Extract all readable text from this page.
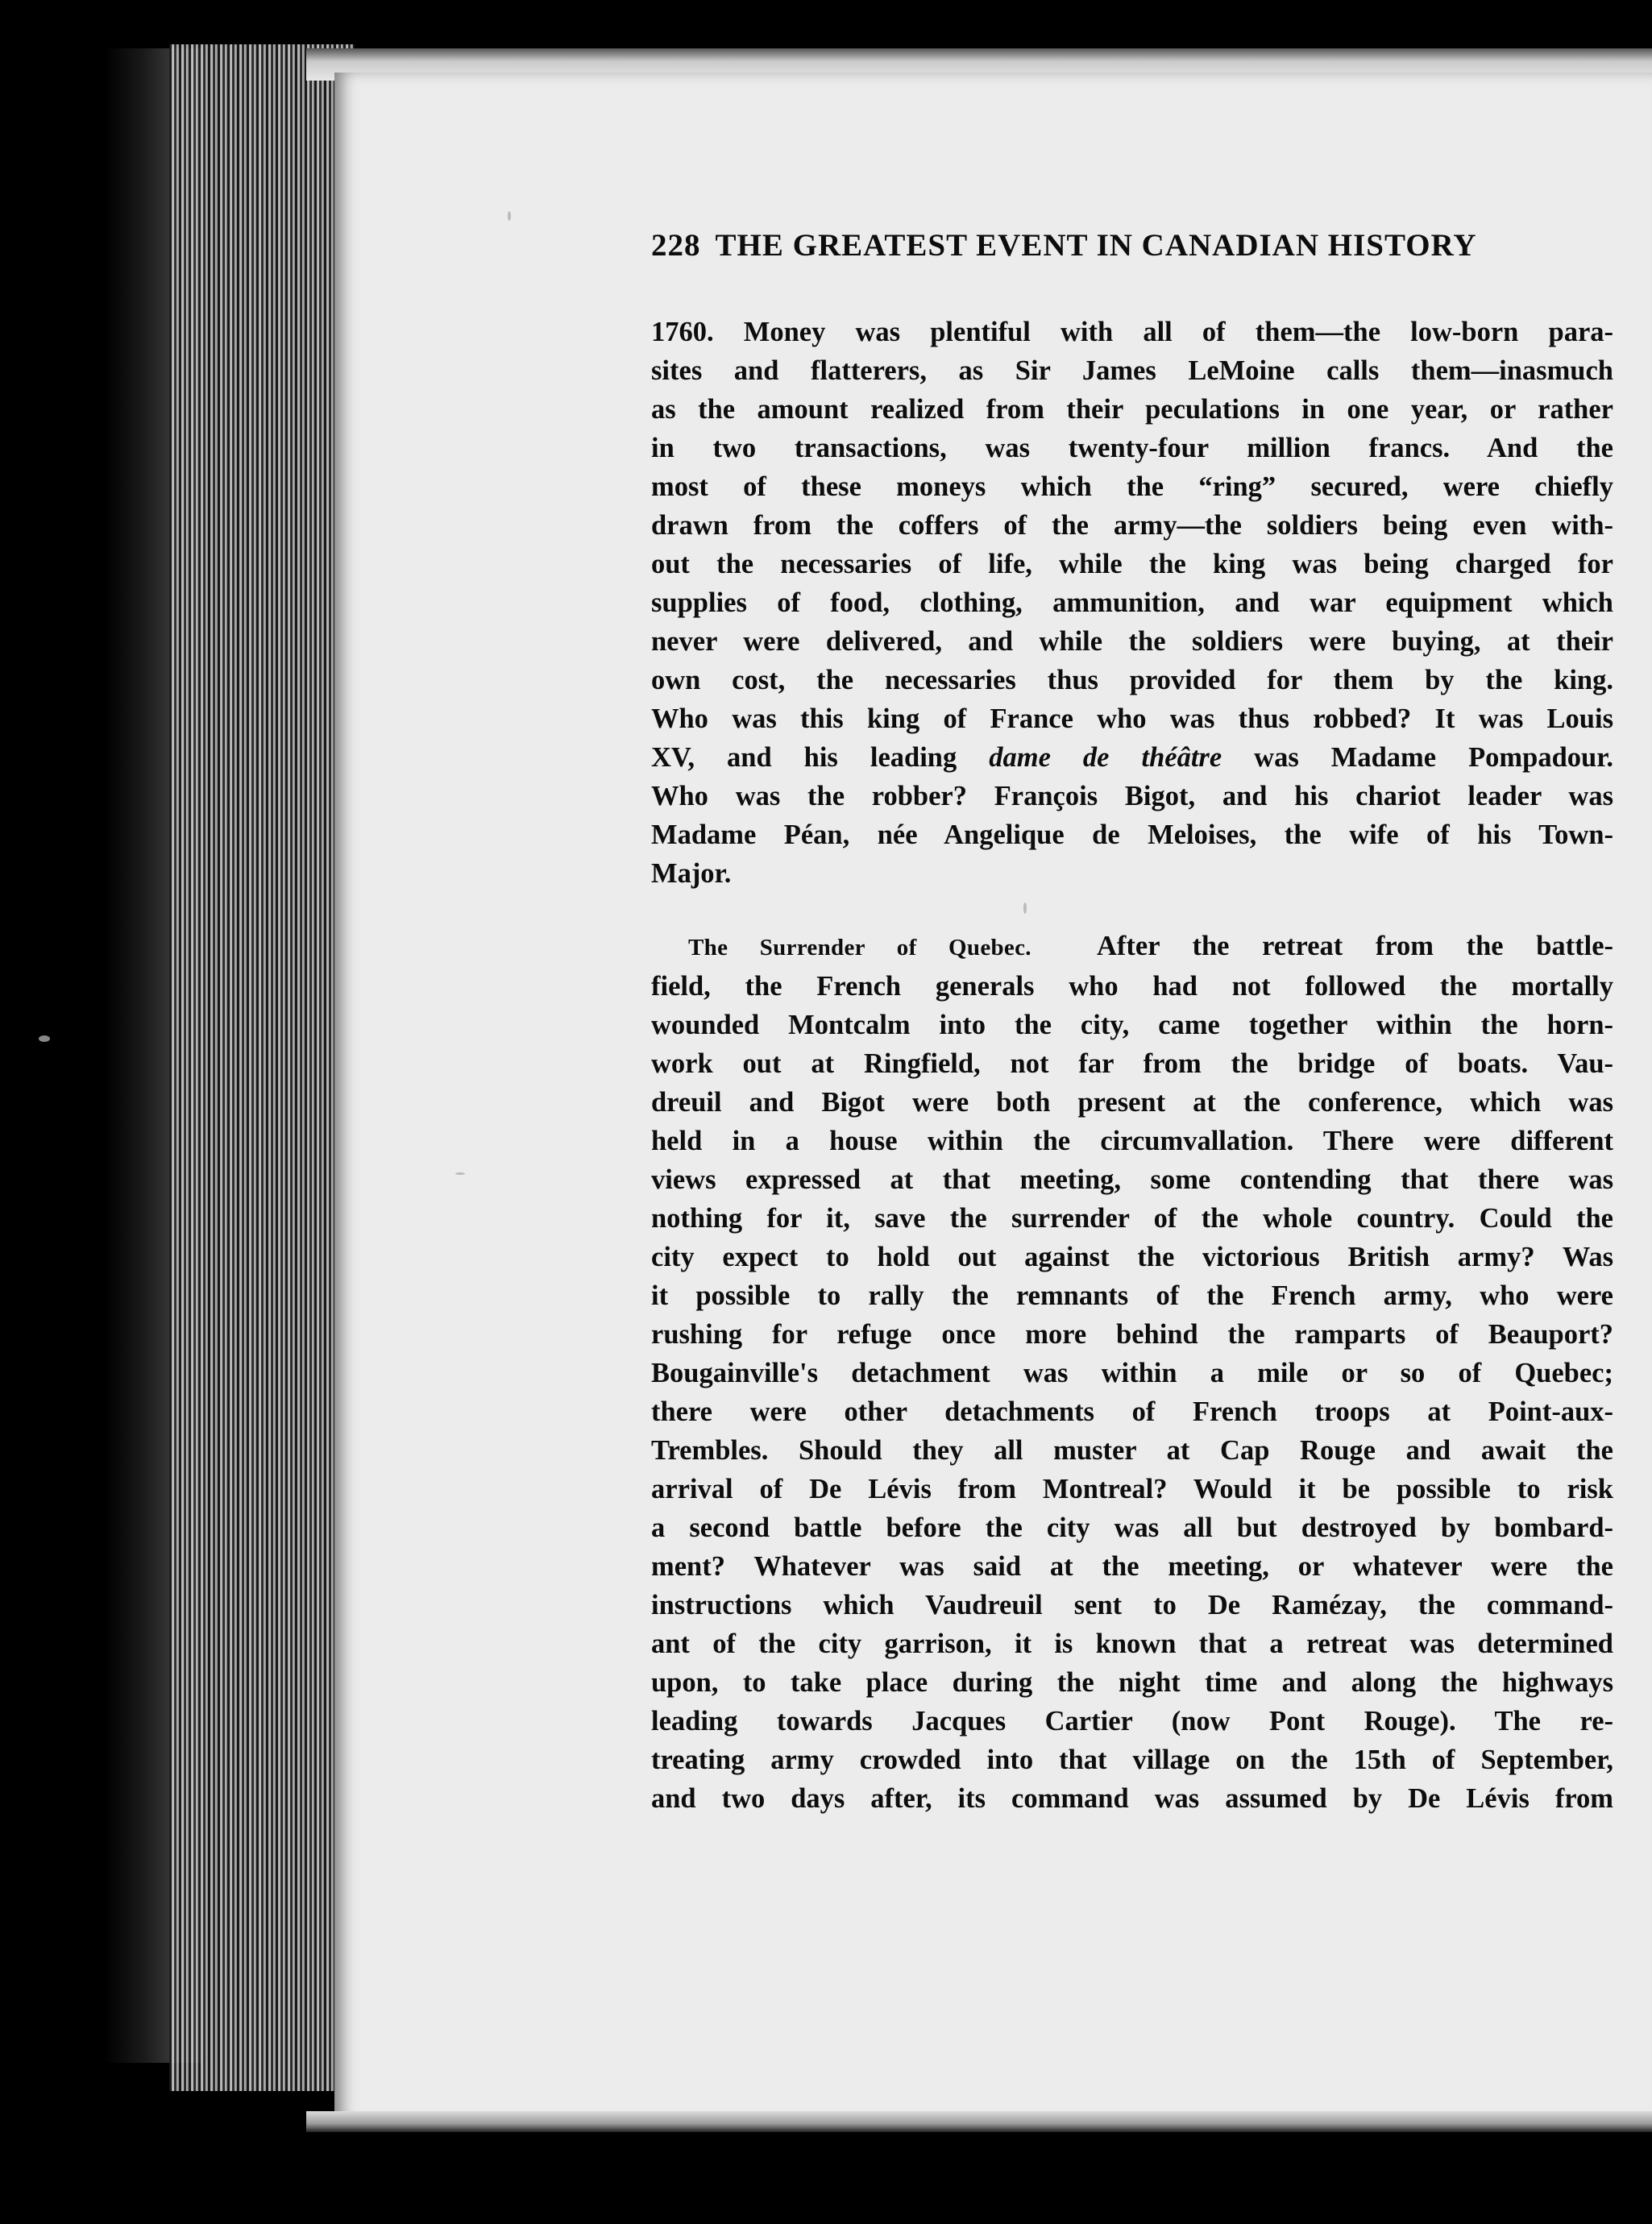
228 THE GREATEST EVENT IN CANADIAN HISTORY
1760. Money was plentiful with all of them—the low-born para-
sites and flatterers, as Sir James LeMoine calls them—inasmuch
as the amount realized from their peculations in one year, or rather
in two transactions, was twenty-four million francs. And the
most of these moneys which the “ring” secured, were chiefly
drawn from the coffers of the army—the soldiers being even with-
out the necessaries of life, while the king was being charged for
supplies of food, clothing, ammunition, and war equipment which
never were delivered, and while the soldiers were buying, at their
own cost, the necessaries thus provided for them by the king.
Who was this king of France who was thus robbed? It was Louis
XV, and his leading dame de théâtre was Madame Pompadour.
Who was the robber? François Bigot, and his chariot leader was
Madame Péan, née Angelique de Meloises, the wife of his Town-
Major.
The Surrender of Quebec. After the retreat from the battle-
field, the French generals who had not followed the mortally
wounded Montcalm into the city, came together within the horn-
work out at Ringfield, not far from the bridge of boats. Vau-
dreuil and Bigot were both present at the conference, which was
held in a house within the circumvallation. There were different
views expressed at that meeting, some contending that there was
nothing for it, save the surrender of the whole country. Could the
city expect to hold out against the victorious British army? Was
it possible to rally the remnants of the French army, who were
rushing for refuge once more behind the ramparts of Beauport?
Bougainville's detachment was within a mile or so of Quebec;
there were other detachments of French troops at Point-aux-
Trembles. Should they all muster at Cap Rouge and await the
arrival of De Lévis from Montreal? Would it be possible to risk
a second battle before the city was all but destroyed by bombard-
ment? Whatever was said at the meeting, or whatever were the
instructions which Vaudreuil sent to De Ramézay, the command-
ant of the city garrison, it is known that a retreat was determined
upon, to take place during the night time and along the highways
leading towards Jacques Cartier (now Pont Rouge). The re-
treating army crowded into that village on the 15th of September,
and two days after, its command was assumed by De Lévis from
